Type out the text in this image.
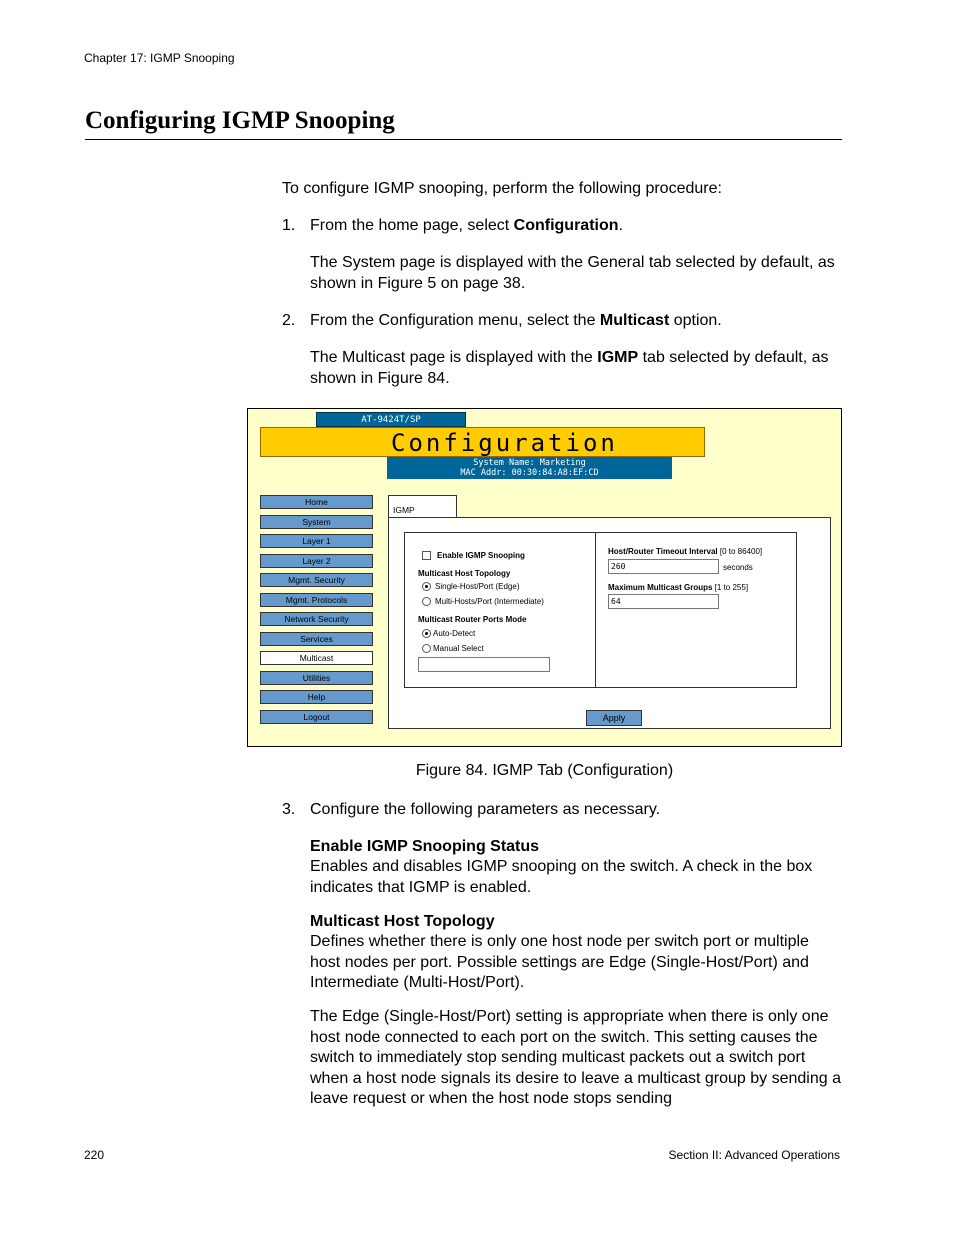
Chapter 17: IGMP Snooping
Configuring IGMP Snooping
To configure IGMP snooping, perform the following procedure:
1. From the home page, select Configuration.
The System page is displayed with the General tab selected by default, as shown in Figure 5 on page 38.
2. From the Configuration menu, select the Multicast option.
The Multicast page is displayed with the IGMP tab selected by default, as shown in Figure 84.
AT-9424T/SP
Configuration
System Name: Marketing
MAC Addr: 00:30:84:A8:EF:CD
Home
System
Layer 1
Layer 2
Mgmt. Security
Mgmt. Protocols
Network Security
Services
Multicast
Utilities
Help
Logout
IGMP
Enable IGMP Snooping
Multicast Host Topology
Single-Host/Port (Edge)
Multi-Hosts/Port (Intermediate)
Multicast Router Ports Mode
Auto-Detect
Manual Select
Host/Router Timeout Interval [0 to 86400]
260	seconds
Maximum Multicast Groups [1 to 255]
64
Apply
Figure 84. IGMP Tab (Configuration)
3. Configure the following parameters as necessary.
Enable IGMP Snooping Status
Enables and disables IGMP snooping on the switch. A check in the box indicates that IGMP is enabled.
Multicast Host Topology
Defines whether there is only one host node per switch port or multiple host nodes per port. Possible settings are Edge (Single-Host/Port) and Intermediate (Multi-Host/Port).
The Edge (Single-Host/Port) setting is appropriate when there is only one host node connected to each port on the switch. This setting causes the switch to immediately stop sending multicast packets out a switch port when a host node signals its desire to leave a multicast group by sending a leave request or when the host node stops sending
220	Section II: Advanced Operations
